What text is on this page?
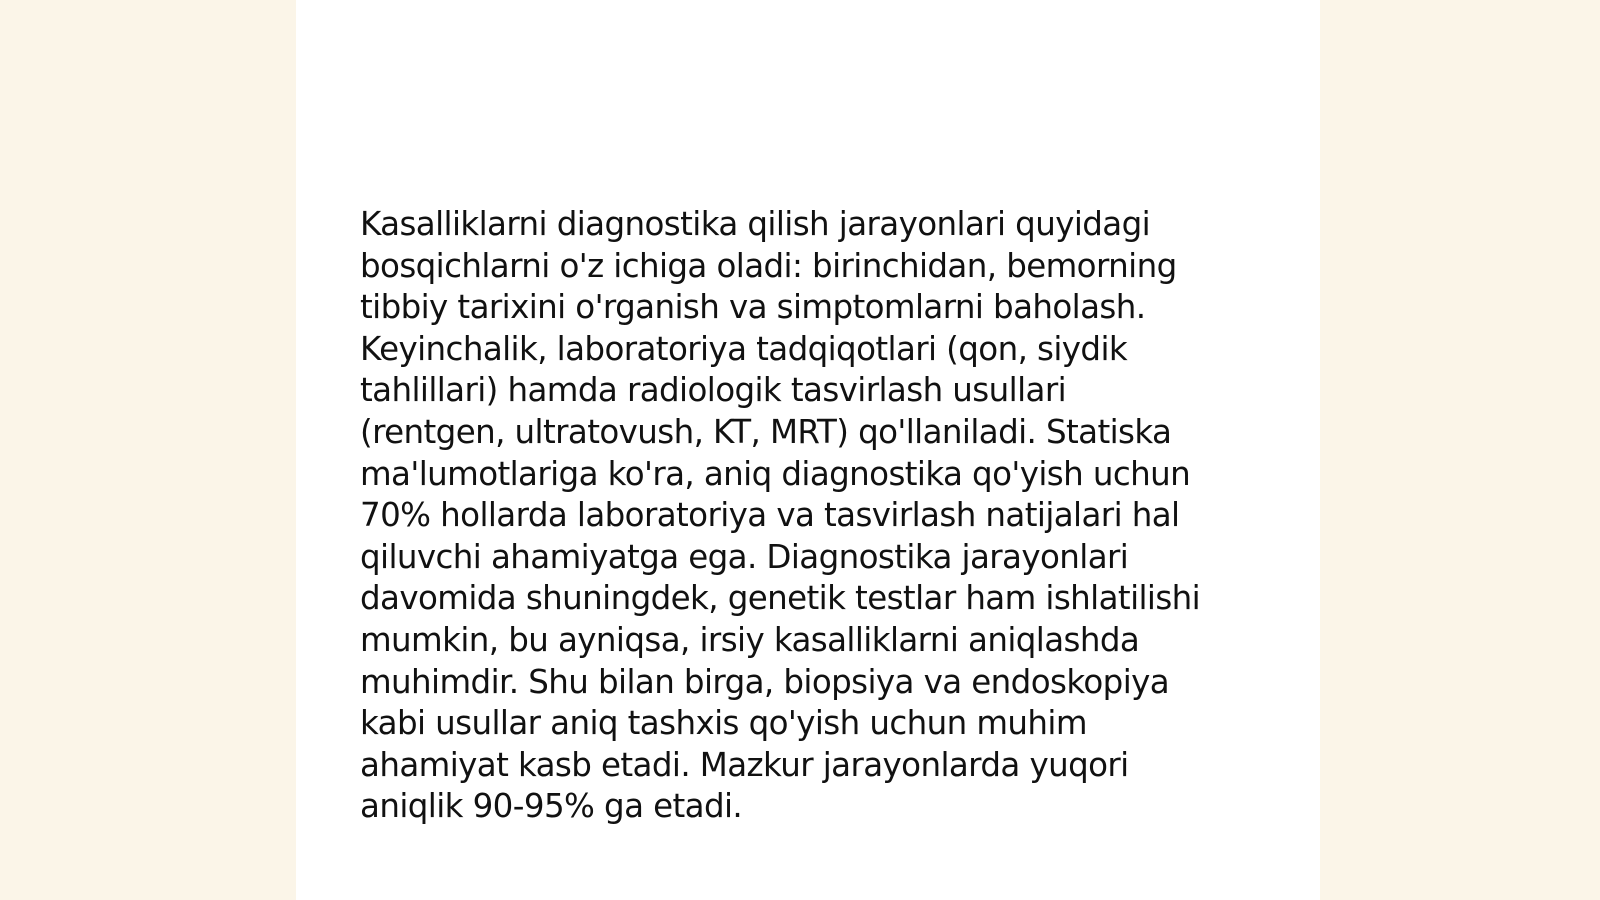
Kasalliklarni diagnostika qilish jarayonlari quyidagi
bosqichlarni o'z ichiga oladi: birinchidan, bemorning
tibbiy tarixini o'rganish va simptomlarni baholash.
Keyinchalik, laboratoriya tadqiqotlari (qon, siydik
tahlillari) hamda radiologik tasvirlash usullari
(rentgen, ultratovush, KT, MRT) qo'llaniladi. Statiska
ma'lumotlariga ko'ra, aniq diagnostika qo'yish uchun
70% hollarda laboratoriya va tasvirlash natijalari hal
qiluvchi ahamiyatga ega. Diagnostika jarayonlari
davomida shuningdek, genetik testlar ham ishlatilishi
mumkin, bu ayniqsa, irsiy kasalliklarni aniqlashda
muhimdir. Shu bilan birga, biopsiya va endoskopiya
kabi usullar aniq tashxis qo'yish uchun muhim
ahamiyat kasb etadi. Mazkur jarayonlarda yuqori
aniqlik 90-95% ga etadi.
